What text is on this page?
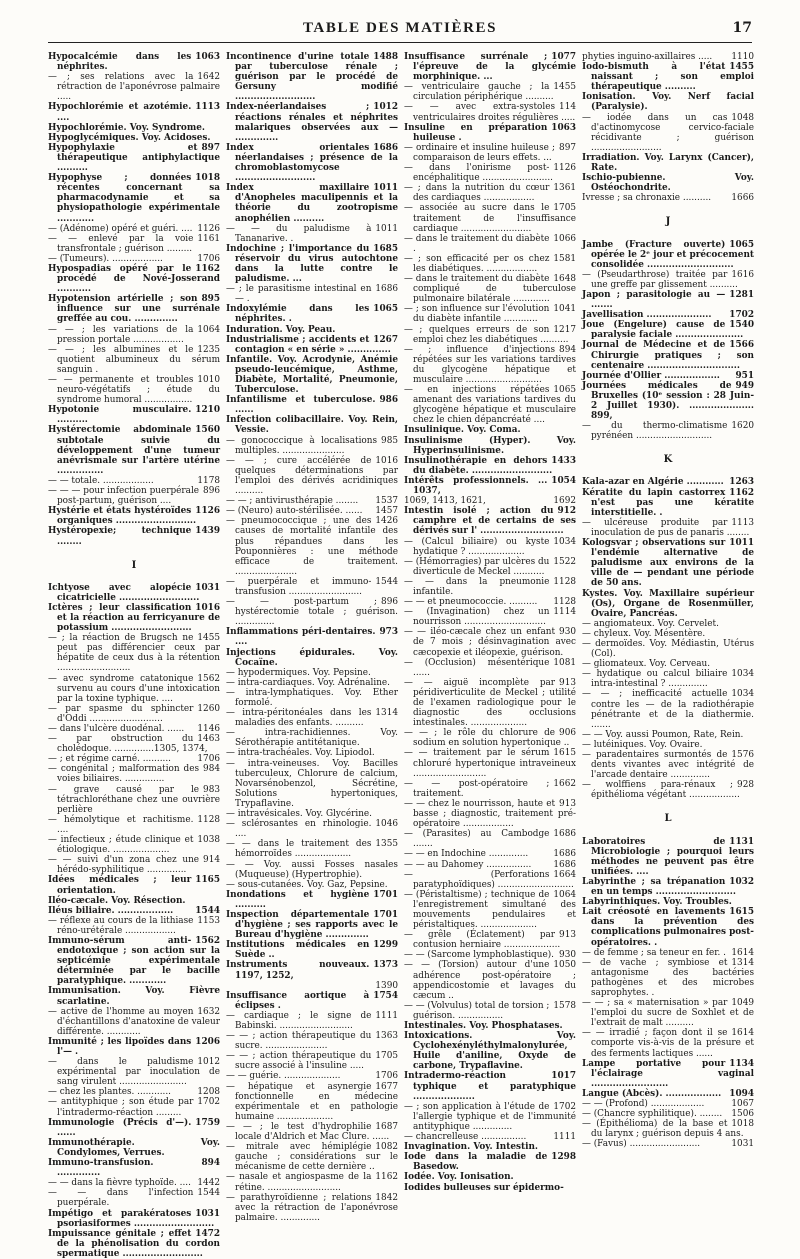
TABLE DES MATIÈRES	17

1063
Hypocalcémie dans les néphrites.

1642
— ; ses relations avec la rétraction de l'aponévrose palmaire .....

1113
Hypochlorémie et azotémie. ....

Hypochlorémie. Voy. Syndrome.

Hypoglycémiques. Voy. Acidoses.

897
Hypophylaxie et thérapeutique antiphylactique ..........

1018
Hypophyse ; données récentes concernant sa pharmacodynamie et sa physiopathologie expérimentale ............

1126
— (Adénome) opéré et guéri. ....

1161
— — enlevé par la voie transfrontale ; guérison .........

1706
— (Tumeurs). ..................

1162
Hypospadias opéré par le procédé de Nové-Josserand ...........

895
Hypotension artérielle ; son influence sur une surrénale greffée au cou. ..............

1064
— — ; les variations de la pression portale ..................

1235
— — ; les albumines et le quotient albumineux du sérum sanguin .

1010
— — permanente et troubles neuro-végétatifs ; étude du syndrome humoral .................

1210
Hypotonie musculaire. ..........

1560
Hystérectomie abdominale subtotale suivie du développement d'une tumeur anévrismale sur l'artère utérine ...............

1178
— — totale. ..................

896
— — — pour infection puerpérale post-partum, guérison ....

1126
Hystérie et états hystéroïdes organiques ..........................

1439
Hystéropexie; technique ........

I

1031
Ichtyose avec alopécie cicatricielle ..........................

1016
Ictères ; leur classification et la réaction au ferricyanure de potassium ..........................

1455
— ; la réaction de Brugsch ne peut pas différencier ceux par hépatite de ceux dus à la rétention ..........................

1562
— avec syndrome catatonique survenu au cours d'une intoxication par la toxine typhique. ....

1260
— par spasme du sphincter d'Oddi ..........................

1146
— dans l'ulcère duodénal. ......

1463
— par obstruction du cholédoque. ..............1305, 1374,

1706
— ; et régime carné. ..........

984
— congénital ; malformation des voies biliaires. ..............

983
— grave causé par le tétrachloréthane chez une ouvrière perlière

1128
— hémolytique et rachitisme. ....

1038
— infectieux ; étude clinique et étiologique. ....................

914
— — suivi d'un zona chez une hérédo-syphilitique ..............

1165
Idées médicales ; leur orientation.

Iléo-cæcale. Voy. Résection.

1544
Iléus biliaire. ..................

1153
— réflexe au cours de la lithiase réno-urétérale ..................

1562
Immuno-sérum anti-endotoxique ; son action sur la septicémie expérimentale déterminée par le bacille paratyphique. ............

Immunisation. Voy. Fièvre scarlatine.

1632
— active de l'homme au moyen d'échantillons d'anatoxine de valeur différente. ............

1206
Immunité ; les lipoïdes dans l'— .

1012
— dans le paludisme expérimental par inoculation de sang virulent ........................

1208
— chez les plantes. ............

1702
— antityphique ; son étude par l'intradermo-réaction .........

1759
Immunologie (Précis d'—). ......

Immunothérapie. Voy. Condylomes, Verrues.

894
Immuno-transfusion. ..............

1442
— — dans la fièvre typhoïde. ....

1544
— — dans l'infection puerpérale.

1031
Impétigo et parakératoses psoriasiformes ..........................

1472
Impuissance génitale ; effet de la phénolisation du cordon spermatique ..........................

1488
Incontinence d'urine totale par tuberculose rénale ; guérison par le procédé de Gersuny modifié ..........................

1012
Index-néerlandaises ; réactions rénales et néphrites malariques observées aux — ..............

1686
Index orientales néerlandaises ; présence de la chromoblastomycose ..........................

1011
Index maxillaire d'Anopheles maculipennis et la théorie du zootropisme anophélien ..........

1011
— — du paludisme à Tananarive. .

1685
Indochine ; l'importance du réservoir du virus autochtone dans la lutte contre le paludisme. ...

1686
— ; le parasitisme intestinal en — .

1065
Indoxylémie dans les néphrites. .

Induration. Voy. Peau.

1267
Industrialisme ; accidents et contagion « en série » ..............

Infantile. Voy. Acrodynie, Anémie pseudo-leucémique, Asthme, Diabète, Mortalité, Pneumonie, Tuberculose.

986
Infantilisme et tuberculose. ......

Infection colibacillaire. Voy. Rein, Vessie.

985
— gonococcique à localisations multiples. ......................

1016
— — ; cure accélérée de quelques déterminations par l'emploi des dérivés acridiniques ..........

1537
— — ; antivirusthérapie ........

1457
— (Neuro) auto-stérilisée. ......

1426
— pneumococcique ; une des causes de mortalité infantile des plus répandues dans les Pouponnières : une méthode efficace de traitement. ......................

1544
— puerpérale et immuno-transfusion ..........................

896
— — post-partum ; hystérectomie totale ; guérison. ..............

973
Inflammations péri-dentaires. ....

Injections épidurales. Voy. Cocaïne.

— hypodermiques. Voy. Pepsine.

— intra-cardiaques. Voy. Adrénaline.

— intra-lymphatiques. Voy. Ether formolé.

1314
— intra-péritonéales dans les maladies des enfants. ..........

— intra-rachidiennes. Voy. Sérothérapie antitétanique.

— intra-trachéales. Voy. Lipiodol.

— intra-veineuses. Voy. Bacilles tuberculeux, Chlorure de calcium, Novarsénobenzol, Sécrétine, Solutions hypertoniques, Trypaflavine.

— intravésicales. Voy. Glycérine.

1046
— sclérosantes en rhinologie. ....

1355
— — dans le traitement des hémorroïdes ....................

— — Voy. aussi Fosses nasales (Muqueuse) (Hypertrophie).

— sous-cutanées. Voy. Gaz, Pepsine.

1701
Inondations et hygiène ..........

1701
Inspection départementale d'hygiène ; ses rapports avec le Bureau d'hygiène ..............

1299
Institutions médicales en Suède ..

1373
Instruments nouveaux. 1197, 1252,

1390

1754
Insuffisance aortique à éclipses .

1111
— cardiaque ; le signe de Babinski. ..........................

1363
— — ; action thérapeutique du sucre. ......................

1705
— — ; action thérapeutique du sucre associé à l'insuline .....

1706
— — guérie. ....................

1677
— hépatique et asynergie fonctionnelle en médecine expérimentale et en pathologie humaine ....................

1687
— — ; le test d'hydrophilie locale d'Aldrich et Mac Clure. ......

1082
— mitrale avec hémiplégie gauche ; considérations sur le mécanisme de cette dernière ..

1162
— nasale et angiospasme de la rétine. ..........................

1842
— parathyroïdienne ; relations avec la rétraction de l'aponévrose palmaire. ..............

1077
Insuffisance surrénale ; l'épreuve de la glycémie morphinique. ...

1455
— ventriculaire gauche ; la circulation périphérique ..........

114
— — avec extra-systoles ventriculaires droites régulières .....

1063
Insuline en préparation huileuse .

897
— ordinaire et insuline huileuse ; comparaison de leurs effets. ...

1126
— dans l'onirisme post-encéphalitique .........................

1361
— ; dans la nutrition du cœur des cardiaques ..................

1705
— associée au sucre dans le traitement de l'insuffisance cardiaque .........................

1066
— dans le traitement du diabète .

1581
— ; son efficacité per os chez les diabétiques. ..................

1648
— dans le traitement du diabète compliqué de tuberculose pulmonaire bilatérale .............

1041
— ; son influence sur l'évolution du diabète infantile ............

1217
— ; quelques erreurs de son emploi chez les diabétiques ..........

894
— ; influence d'injections répétées sur les variations tardives du glycogène hépatique et musculaire ...........................

1065
— en injections répétées amenant des variations tardives du glycogène hépatique et musculaire chez le chien dépancréaté ....

Insulinique. Voy. Coma.

Insulinisme (Hyper). Voy. Hyperinsulinisme.

1433
Insulinothérapie en dehors du diabète. ..........................

1054
Intérêts professionnels. ... 1037,

1692
1069, 1413, 1621,

912
Intestin isolé ; action du camphre et de certains de ses dérivés sur l' ...........................

1034
— (Calcul biliaire) ou kyste hydatique ? ....................

1522
— (Hémorragies) par ulcères du diverticule de Meckel ...........

1128
— — dans la pneumonie infantile.

1128
— — et pneumococcie. ..........

1114
— (Invagination) chez un nourrisson .............................

930
— — iléo-cæcale chez un enfant de 7 mois ; désinvagination avec cæcopexie et iléopexie, guérison.

1081
— (Occlusion) mésentérique ......

913
— — aiguë incomplète par péridiverticulite de Meckel ; utilité de l'examen radiologique pour le diagnostic des occlusions intestinales. ....................

906
— — ; le rôle du chlorure de sodium en solution hypertonique ..

1615
— — traitement par le sérum chloruré hypertonique intraveineux ..........................

1662
— — post-opératoire ; traitement.

913
— — chez le nourrisson, haute et basse ; diagnostic, traitement pré-opératoire ..................

1686
— (Parasites) au Cambodge .......

1686
— — en Indochine ..............

1686
— — au Dahomey ................

1664
— (Perforations paratyphoïdiques) ...........................

1064
— (Péristaltisme) ; technique de l'enregistrement simultané des mouvements pendulaires et péristaltiques. ....................

913
— grêle (Éclatement) par contusion herniaire ....................

930
— — (Sarcome lymphoblastique).

1050
— — (Torsion) autour d'une adhérence post-opératoire ; appendicostomie et lavages du cæcum ..

1578
— — (Volvulus) total de torsion ; guérison. ................

Intestinales. Voy. Phosphatases.

Intoxications. Voy. Cyclohexényléthylmalonylurée, Huile d'aniline, Oxyde de carbone, Trypaflavine.

1017
Intradermo-réaction typhique et paratyphique ....................

1702
— ; son application à l'étude de l'allergie typhique et de l'immunité antityphique ..............

1111
— chancrelleuse ................

Invagination. Voy. Intestin.

1298
Iode dans la maladie de Basedow.

Iodée. Voy. Ionisation.

Iodides bulleuses sur épidermo-

1110
phyties inguino-axillaires .....

1455
Iodo-bismuth à l'état naissant ; son emploi thérapeutique ..........

Ionisation. Voy. Nerf facial (Paralysie).

1048
— iodée dans un cas d'actinomycose cervico-faciale récidivante ; guérison .........................

Irradiation. Voy. Larynx (Cancer), Rate.

Ischio-pubienne. Voy. Ostéochondrite.

1666
Ivresse ; sa chronaxie ..........

J

1065
Jambe (Fracture ouverte) opérée le 2ᵉ jour et précocement consolidée ............................

1616
— (Pseudarthrose) traitée par une greffe par glissement ..........

1281
Japon ; parasitologie au — .......

1702
Javellisation .....................

1540
Joue (Engelure) cause de paralysie faciale ......................

1566
Journal de Médecine et de Chirurgie pratiques ; son centenaire ..............................

951
Journée d'Ollier ..................

949
Journées médicales de Bruxelles (10ᵉ session : 28 Juin-2 Juillet 1930). ..................... 899,

1620
— du thermo-climatisme pyrénéen ...........................

K

1263
Kala-azar en Algérie ............

1162
Kératite du lapin castorrex n'est pas une kératite interstitielle. .

1113
— ulcéreuse produite par inoculation de pus de panaris ........

1011
Kologsvar ; observations sur l'endémie alternative de paludisme aux environs de la ville de — pendant une période de 50 ans.

Kystes. Voy. Maxillaire supérieur (Os), Organe de Rosenmüller, Ovaire, Pancréas.

— angiomateux. Voy. Cervelet.

— chyleux. Voy. Mésentère.

— dermoïdes. Voy. Médiastin, Utérus (Col).

— gliomateux. Voy. Cerveau.

1034
— hydatique ou calcul biliaire intra-intestinal ? ..............

1034
— — ; inefficacité actuelle contre les — de la radiothérapie pénétrante et de la diathermie. .......

— — Voy. aussi Poumon, Rate, Rein.

— lutéiniques. Voy. Ovaire.

1576
— paradentaires surmontés de dents vivantes avec intégrité de l'arcade dentaire ..............

928
— wolffiens para-rénaux ; épithélioma végétant ..................

L

1131
Laboratoires de Microbiologie ; pourquoi leurs méthodes ne peuvent pas être unifiées. ....

1032
Labyrinthe ; sa trépanation en un temps ..........................

Labyrinthiques. Voy. Troubles.

1615
Lait créosoté en lavements dans la prévention des complications pulmonaires post-opératoires. .

1614
— de femme ; sa teneur en fer. .

1314
— de vache ; symbiose et antagonisme des bactéries pathogènes et des microbes saprophytes. .

1049
— — ; sa « maternisation » par l'emploi du sucre de Soxhlet et de l'extrait de malt ..........

1614
— — irradié ; façon dont il se comporte vis-à-vis de la présure et des ferments lactiques ......

1134
Lampe portative pour l'éclairage vaginal .........................

1094
Langue (Abcès). ..................

1067
— — (Profond) ...................

1506
— (Chancre syphilitique). ........

1018
— (Épithélioma) de la base et du larynx ; guérison depuis 4 ans.

1031
— (Favus) .........................
